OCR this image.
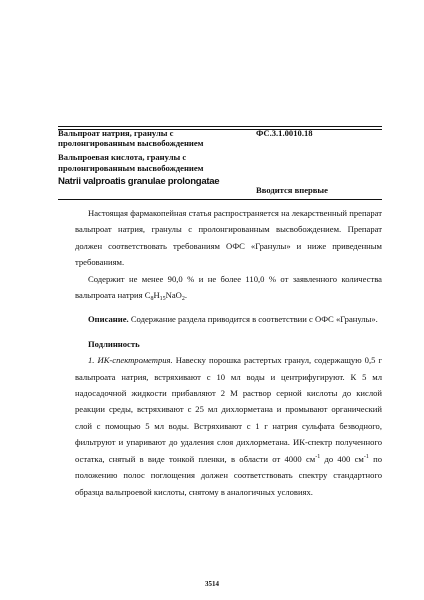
Вальпроат натрия, гранулы с
пролонгированным высвобождением
Вальпроевая кислота, гранулы с
пролонгированным высвобождением
Natrii valproatis granulae prolongatae
ФС.3.1.0010.18
Вводится впервые

Настоящая фармакопейная статья распространяется на лекарственный препарат вальпроат натрия, гранулы с пролонгированным высвобождением. Препарат должен соответствовать требованиям ОФС «Гранулы» и ниже приведенным требованиям.

Содержит не менее 90,0 % и не более 110,0 % от заявленного количества вальпроата натрия $C_8H_{15}NaO_2$.

Описание. Содержание раздела приводится в соответствии с ОФС «Гранулы».

Подлинность

1. ИК-спектрометрия. Навеску порошка растертых гранул, содержащую 0,5 г вальпроата натрия, встряхивают с 10 мл воды и центрифугируют. К 5 мл надосадочной жидкости прибавляют 2 М раствор серной кислоты до кислой реакции среды, встряхивают с 25 мл дихлорметана и промывают органический слой с помощью 5 мл воды. Встряхивают с 1 г натрия сульфата безводного, фильтруют и упаривают до удаления слоя дихлорметана. ИК-спектр полученного остатка, снятый в виде тонкой пленки, в области от 4000 $см^{-1}$ до 400 $см^{-1}$ по положению полос поглощения должен соответствовать спектру стандартного образца вальпроевой кислоты, снятому в аналогичных условиях.

3514
